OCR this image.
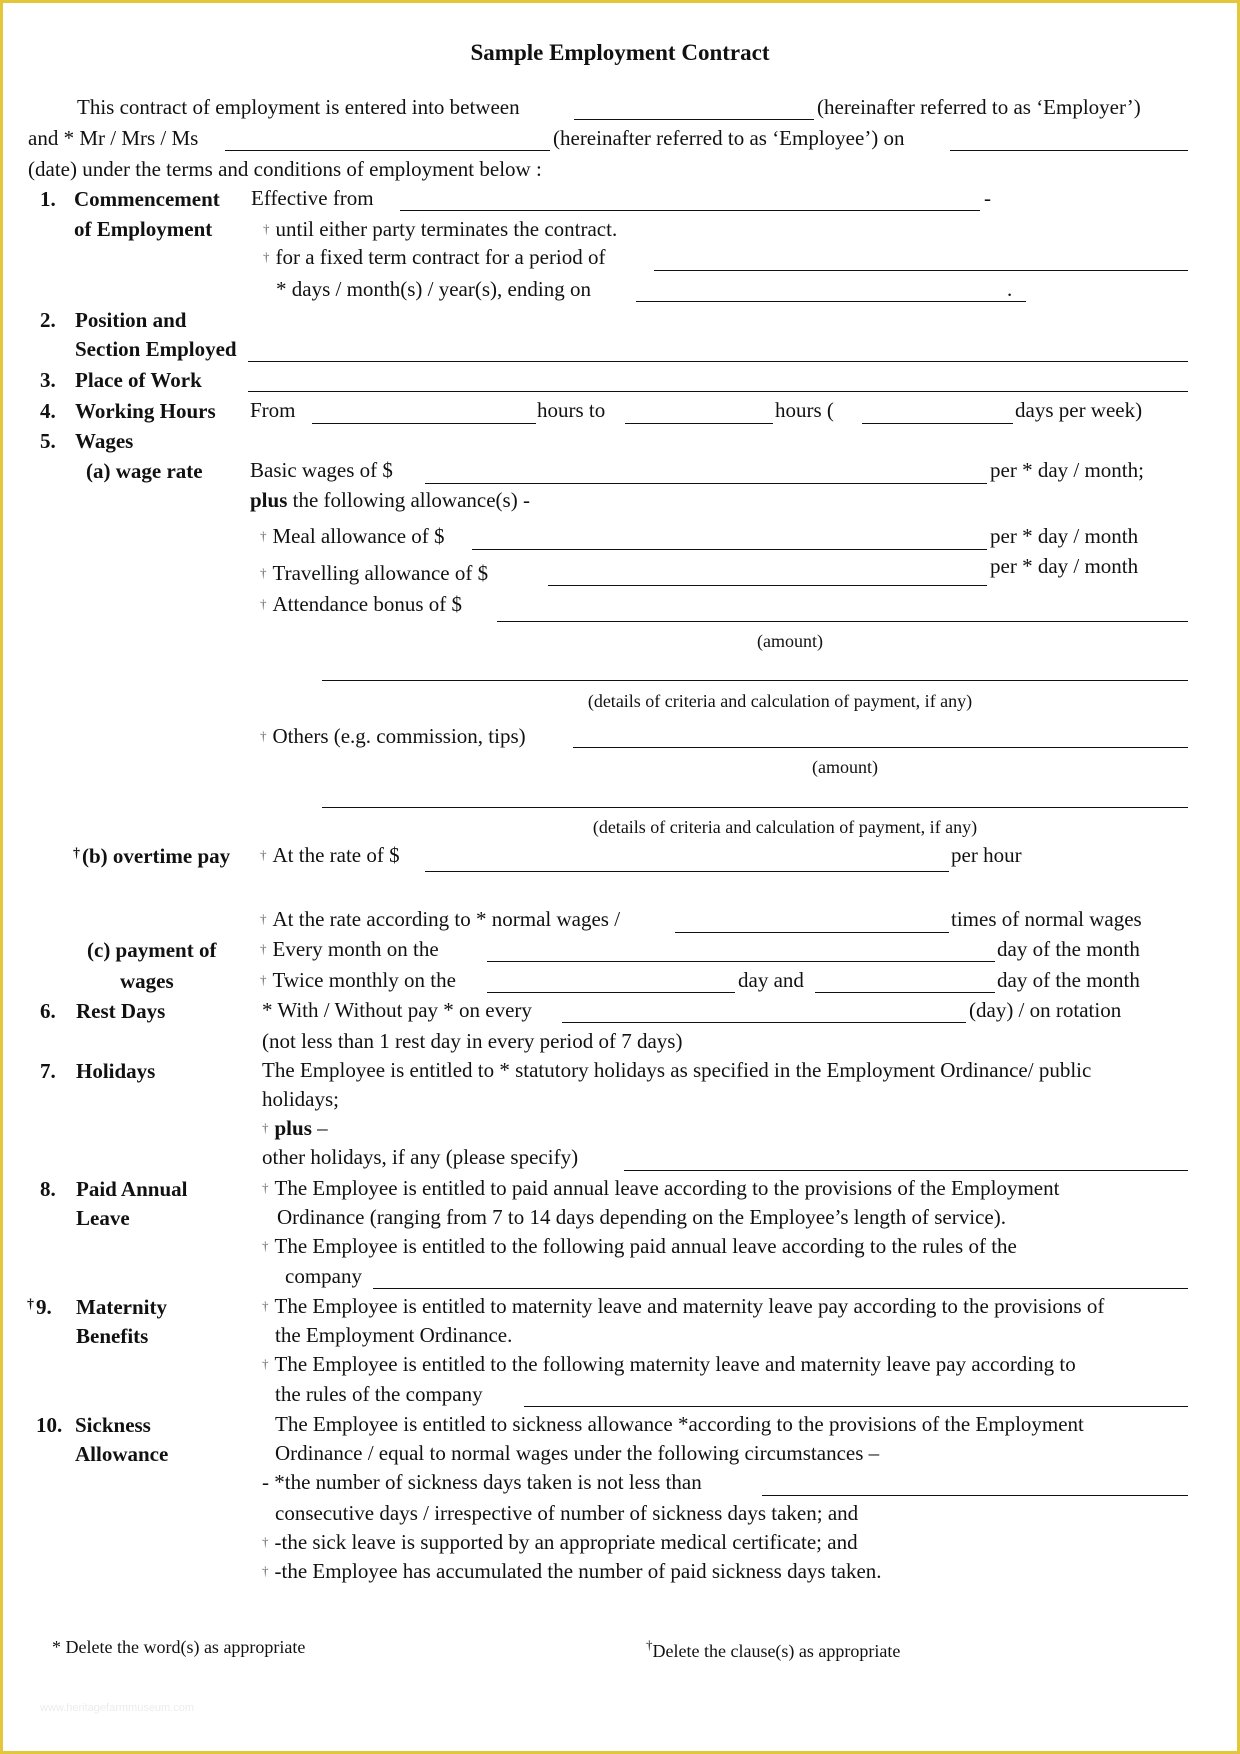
Sample Employment Contract
This contract of employment is entered into between	(hereinafter referred to as ‘Employer’)
and * Mr / Mrs / Ms	(hereinafter referred to as ‘Employee’) on
(date) under the terms and conditions of employment below :
1. Commencement
of Employment
Effective from	-
† until either party terminates the contract.
† for a fixed term contract for a period of
* days / month(s) / year(s), ending on	.
2. Position and
Section Employed
3. Place of Work
4. Working Hours From	hours to	hours (	days per week)
5. Wages
(a) wage rate Basic wages of $	per * day / month;
plus the following allowance(s) -
† Meal allowance of $	per * day / month
† Travelling allowance of $	per * day / month
† Attendance bonus of $
(amount)
(details of criteria and calculation of payment, if any)
† Others (e.g. commission, tips)
(amount)
(details of criteria and calculation of payment, if any)
†(b) overtime pay † At the rate of $	per hour
† At the rate according to * normal wages /	times of normal wages
(c) payment of
wages
† Every month on the	day of the month
† Twice monthly on the	day and	day of the month
6. Rest Days	* With / Without pay * on every	(day) / on rotation
(not less than 1 rest day in every period of 7 days)
7. Holidays	The Employee is entitled to * statutory holidays as specified in the Employment Ordinance/ public
holidays;
† plus –
other holidays, if any (please specify)
8. Paid Annual
Leave
† The Employee is entitled to paid annual leave according to the provisions of the Employment
Ordinance (ranging from 7 to 14 days depending on the Employee’s length of service).
† The Employee is entitled to the following paid annual leave according to the rules of the
company
†9. Maternity
Benefits
† The Employee is entitled to maternity leave and maternity leave pay according to the provisions of
the Employment Ordinance.
† The Employee is entitled to the following maternity leave and maternity leave pay according to
the rules of the company
10. Sickness
Allowance
The Employee is entitled to sickness allowance *according to the provisions of the Employment
Ordinance / equal to normal wages under the following circumstances –
- *the number of sickness days taken is not less than
consecutive days / irrespective of number of sickness days taken; and
† -the sick leave is supported by an appropriate medical certificate; and
† -the Employee has accumulated the number of paid sickness days taken.
* Delete the word(s) as appropriate	†Delete the clause(s) as appropriate
www.heritagefarmmuseum.com
